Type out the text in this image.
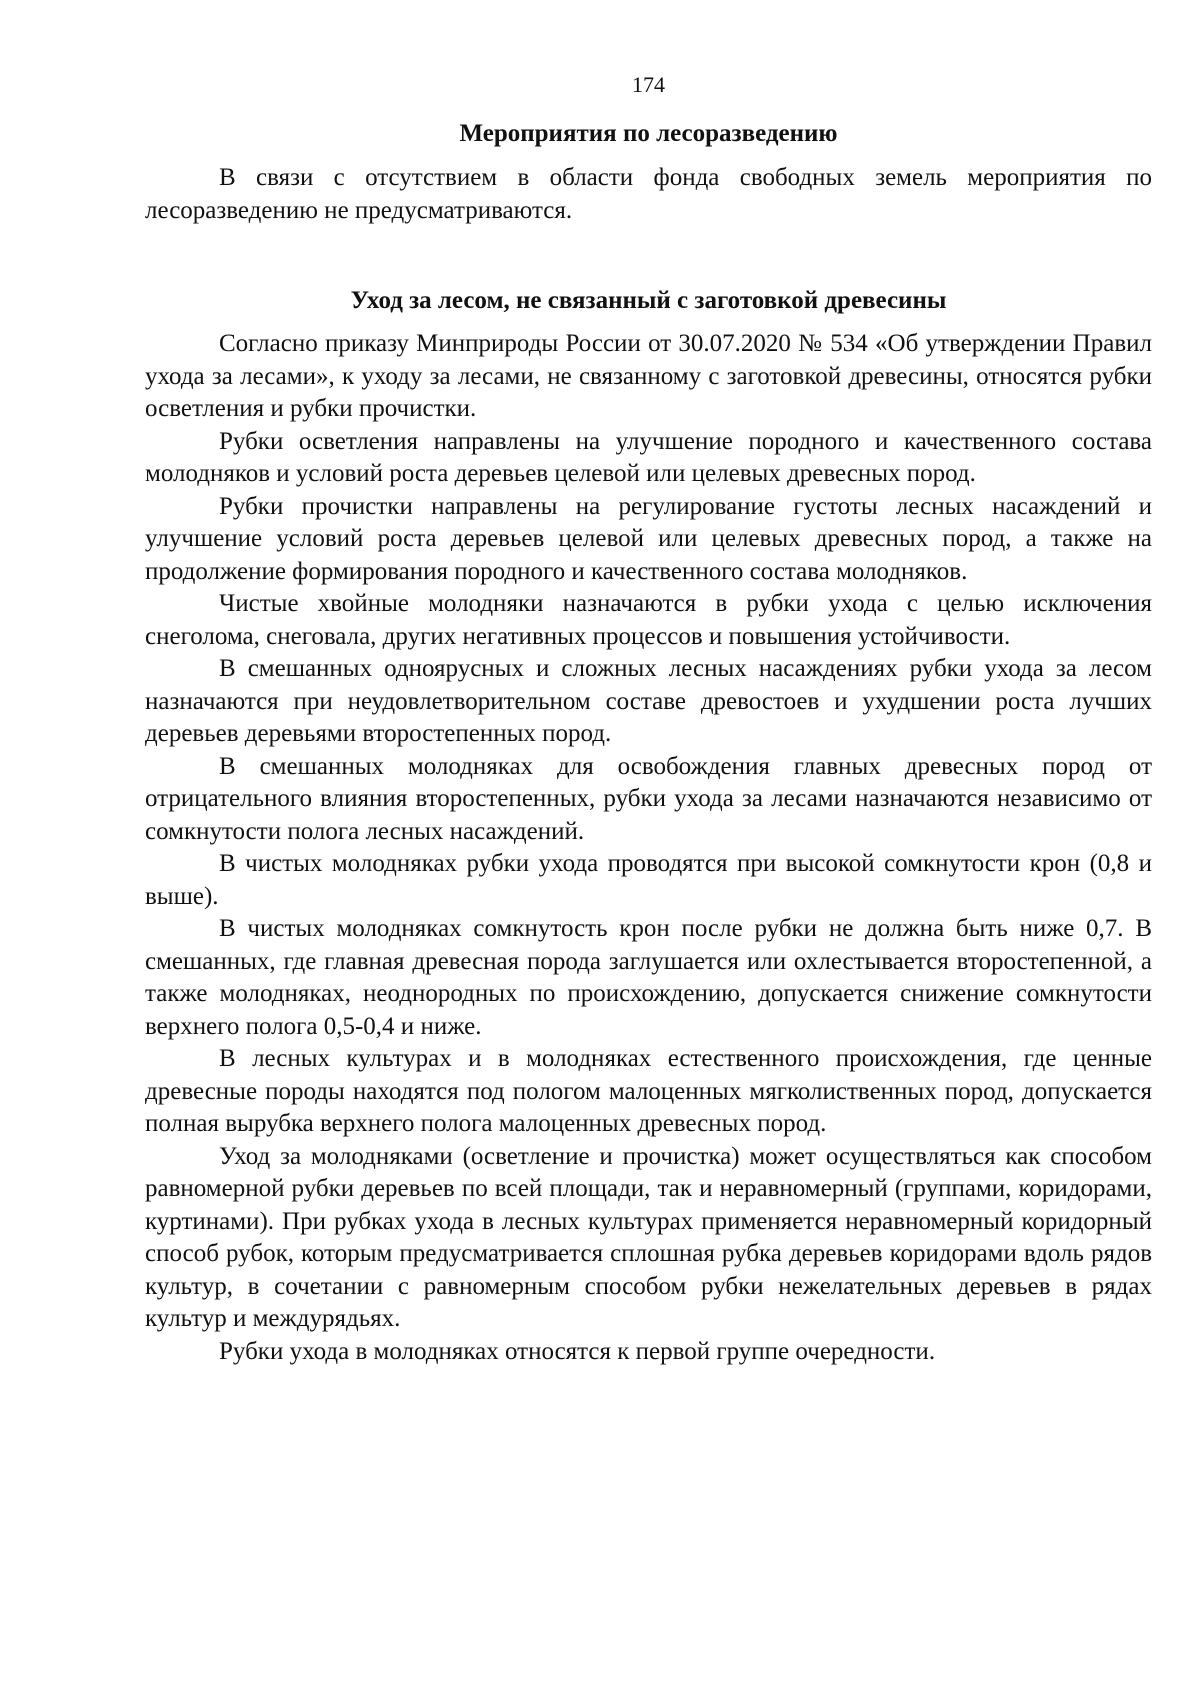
174
Мероприятия по лесоразведению

В связи с отсутствием в области фонда свободных земель мероприятия по лесоразведению не предусматриваются.

Уход за лесом, не связанный с заготовкой древесины

Согласно приказу Минприроды России от 30.07.2020 № 534 «Об утверждении Правил ухода за лесами», к уходу за лесами, не связанному с заготовкой древесины, относятся рубки осветления и рубки прочистки.

Рубки осветления направлены на улучшение породного и качественного состава молодняков и условий роста деревьев целевой или целевых древесных пород.

Рубки прочистки направлены на регулирование густоты лесных насаждений и улучшение условий роста деревьев целевой или целевых древесных пород, а также на продолжение формирования породного и качественного состава молодняков.

Чистые хвойные молодняки назначаются в рубки ухода с целью исключения снеголома, снеговала, других негативных процессов и повышения устойчивости.

В смешанных одноярусных и сложных лесных насаждениях рубки ухода за лесом назначаются при неудовлетворительном составе древостоев и ухудшении роста лучших деревьев деревьями второстепенных пород.

В смешанных молодняках для освобождения главных древесных пород от отрицательного влияния второстепенных, рубки ухода за лесами назначаются независимо от сомкнутости полога лесных насаждений.

В чистых молодняках рубки ухода проводятся при высокой сомкнутости крон (0,8 и выше).

В чистых молодняках сомкнутость крон после рубки не должна быть ниже 0,7. В смешанных, где главная древесная порода заглушается или охлестывается второстепенной, а также молодняках, неоднородных по происхождению, допускается снижение сомкнутости верхнего полога 0,5-0,4 и ниже.

В лесных культурах и в молодняках естественного происхождения, где ценные древесные породы находятся под пологом малоценных мягколиственных пород, допускается полная вырубка верхнего полога малоценных древесных пород.

Уход за молодняками (осветление и прочистка) может осуществляться как способом равномерной рубки деревьев по всей площади, так и неравномерный (группами, коридорами, куртинами). При рубках ухода в лесных культурах применяется неравномерный коридорный способ рубок, которым предусматривается сплошная рубка деревьев коридорами вдоль рядов культур, в сочетании с равномерным способом рубки нежелательных деревьев в рядах культур и междурядьях.

Рубки ухода в молодняках относятся к первой группе очередности.
